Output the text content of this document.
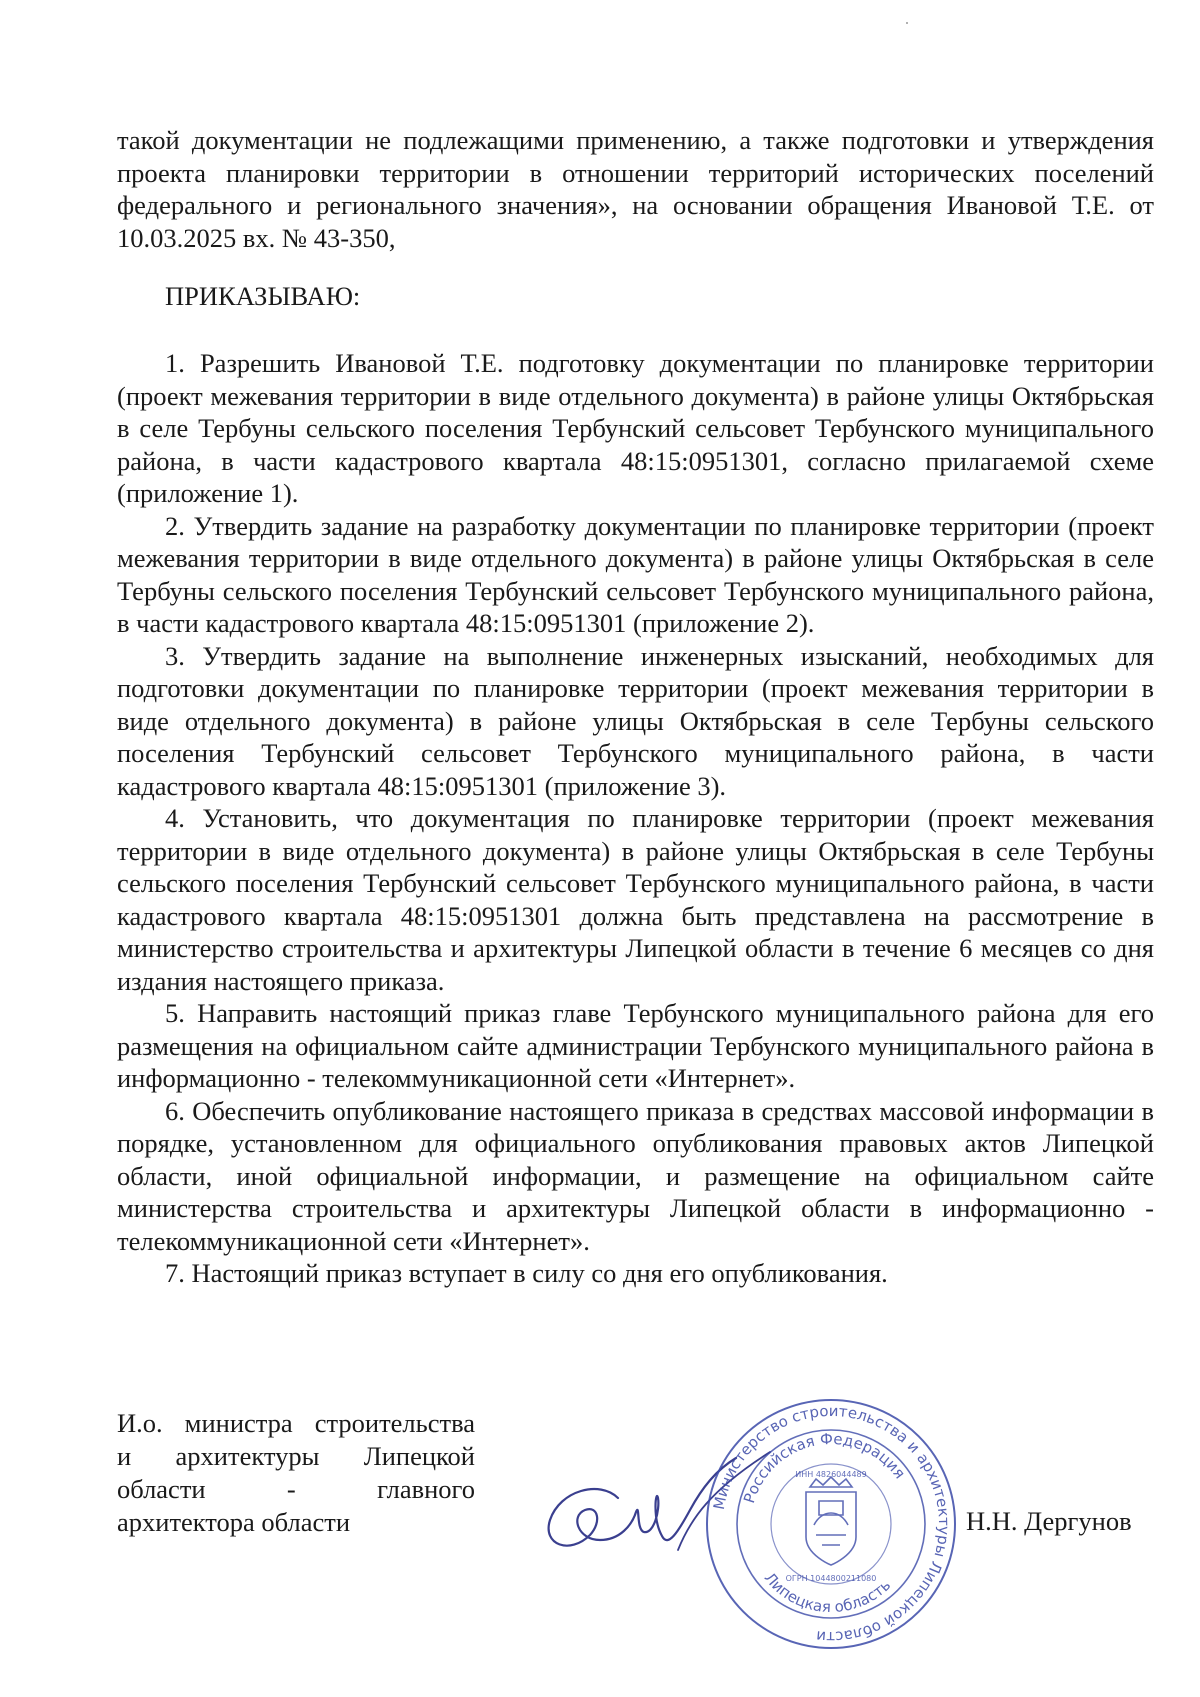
такой документации не подлежащими применению, а также подготовки и утверждения проекта планировки территории в отношении территорий исторических поселений федерального и регионального значения», на основании обращения Ивановой Т.Е. от 10.03.2025 вх. № 43-350,

ПРИКАЗЫВАЮ:

1. Разрешить Ивановой Т.Е. подготовку документации по планировке территории (проект межевания территории в виде отдельного документа) в районе улицы Октябрьская в селе Тербуны сельского поселения Тербунский сельсовет Тербунского муниципального района, в части кадастрового квартала 48:15:0951301, согласно прилагаемой схеме (приложение 1).

2. Утвердить задание на разработку документации по планировке территории (проект межевания территории в виде отдельного документа) в районе улицы Октябрьская в селе Тербуны сельского поселения Тербунский сельсовет Тербунского муниципального района, в части кадастрового квартала 48:15:0951301 (приложение 2).

3. Утвердить задание на выполнение инженерных изысканий, необходимых для подготовки документации по планировке территории (проект межевания территории в виде отдельного документа) в районе улицы Октябрьская в селе Тербуны сельского поселения Тербунский сельсовет Тербунского муниципального района, в части кадастрового квартала 48:15:0951301 (приложение 3).

4. Установить, что документация по планировке территории (проект межевания территории в виде отдельного документа) в районе улицы Октябрьская в селе Тербуны сельского поселения Тербунский сельсовет Тербунского муниципального района, в части кадастрового квартала 48:15:0951301 должна быть представлена на рассмотрение в министерство строительства и архитектуры Липецкой области в течение 6 месяцев со дня издания настоящего приказа.

5. Направить настоящий приказ главе Тербунского муниципального района для его размещения на официальном сайте администрации Тербунского муниципального района в информационно - телекоммуникационной сети «Интернет».

6. Обеспечить опубликование настоящего приказа в средствах массовой информации в порядке, установленном для официального опубликования правовых актов Липецкой области, иной официальной информации, и размещение на официальном сайте министерства строительства и архитектуры Липецкой области в информационно - телекоммуникационной сети «Интернет».

7. Настоящий приказ вступает в силу со дня его опубликования.

И.о. министра строительства
и архитектуры Липецкой
области - главного
архитектора области
Министерство строительства и архитектуры Липецкой области
Российская Федерация
Липецкая область
ИНН 4826044489
ОГРН 1044800211080
Н.Н. Дергунов
